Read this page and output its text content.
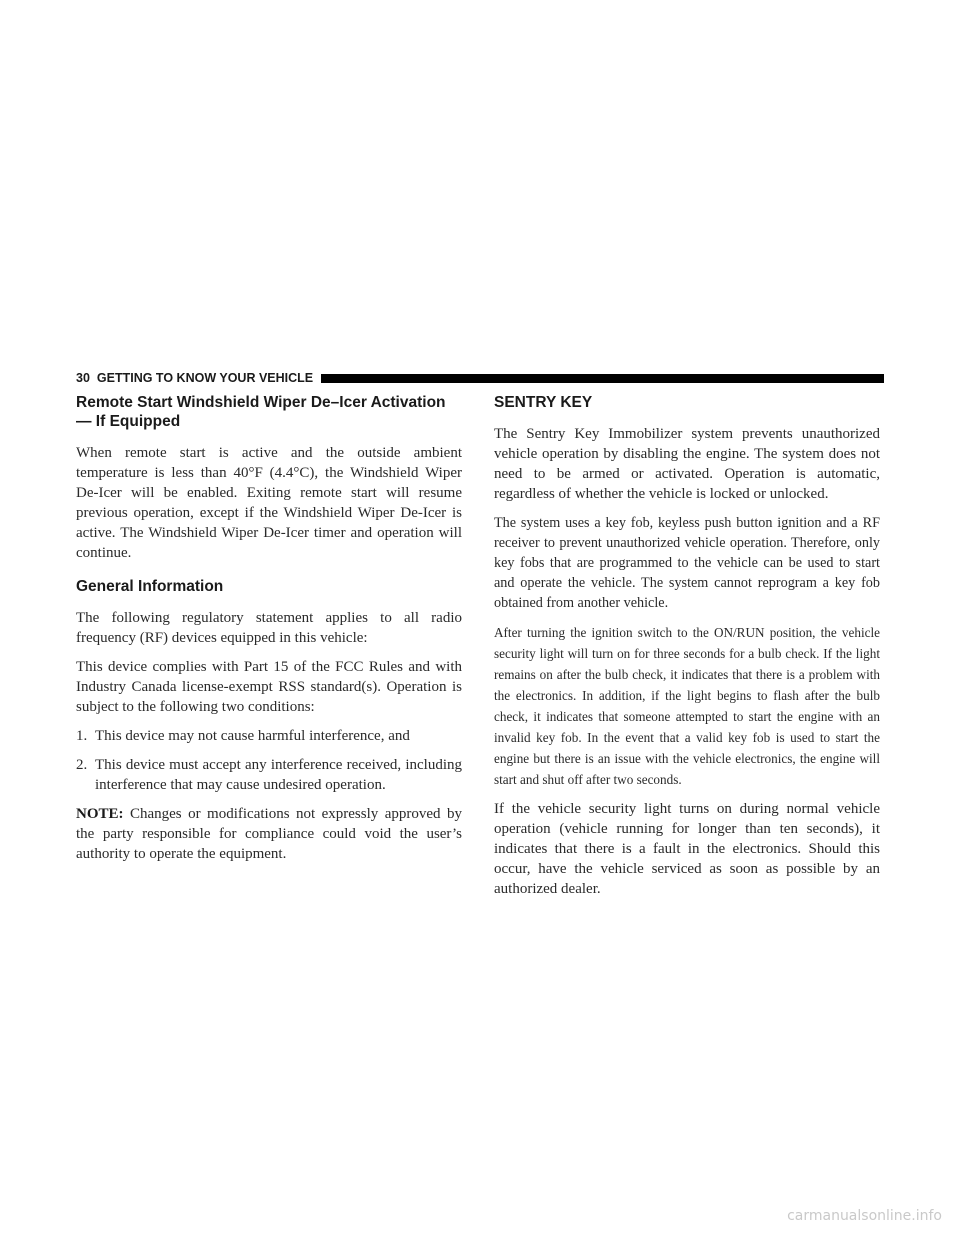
30 GETTING TO KNOW YOUR VEHICLE
Remote Start Windshield Wiper De–Icer Activation
— If Equipped

When remote start is active and the outside ambient temperature is less than 40°F (4.4°C), the Windshield Wiper De-Icer will be enabled. Exiting remote start will resume previous operation, except if the Windshield Wiper De-Icer is active. The Windshield Wiper De-Icer timer and operation will continue.

General Information

The following regulatory statement applies to all radio frequency (RF) devices equipped in this vehicle:

This device complies with Part 15 of the FCC Rules and with Industry Canada license-exempt RSS standard(s). Operation is subject to the following two conditions:

1. This device may not cause harmful interference, and
2. This device must accept any interference received, including interference that may cause undesired operation.

NOTE: Changes or modifications not expressly approved by the party responsible for compliance could void the user’s authority to operate the equipment.

SENTRY KEY

The Sentry Key Immobilizer system prevents unauthorized vehicle operation by disabling the engine. The system does not need to be armed or activated. Operation is automatic, regardless of whether the vehicle is locked or unlocked.

The system uses a key fob, keyless push button ignition and a RF receiver to prevent unauthorized vehicle operation. Therefore, only key fobs that are programmed to the vehicle can be used to start and operate the vehicle. The system cannot reprogram a key fob obtained from another vehicle.

After turning the ignition switch to the ON/RUN position, the vehicle security light will turn on for three seconds for a bulb check. If the light remains on after the bulb check, it indicates that there is a problem with the electronics. In addition, if the light begins to flash after the bulb check, it indicates that someone attempted to start the engine with an invalid key fob. In the event that a valid key fob is used to start the engine but there is an issue with the vehicle electronics, the engine will start and shut off after two seconds.

If the vehicle security light turns on during normal vehicle operation (vehicle running for longer than ten seconds), it indicates that there is a fault in the electronics. Should this occur, have the vehicle serviced as soon as possible by an authorized dealer.

carmanualsonline.info
